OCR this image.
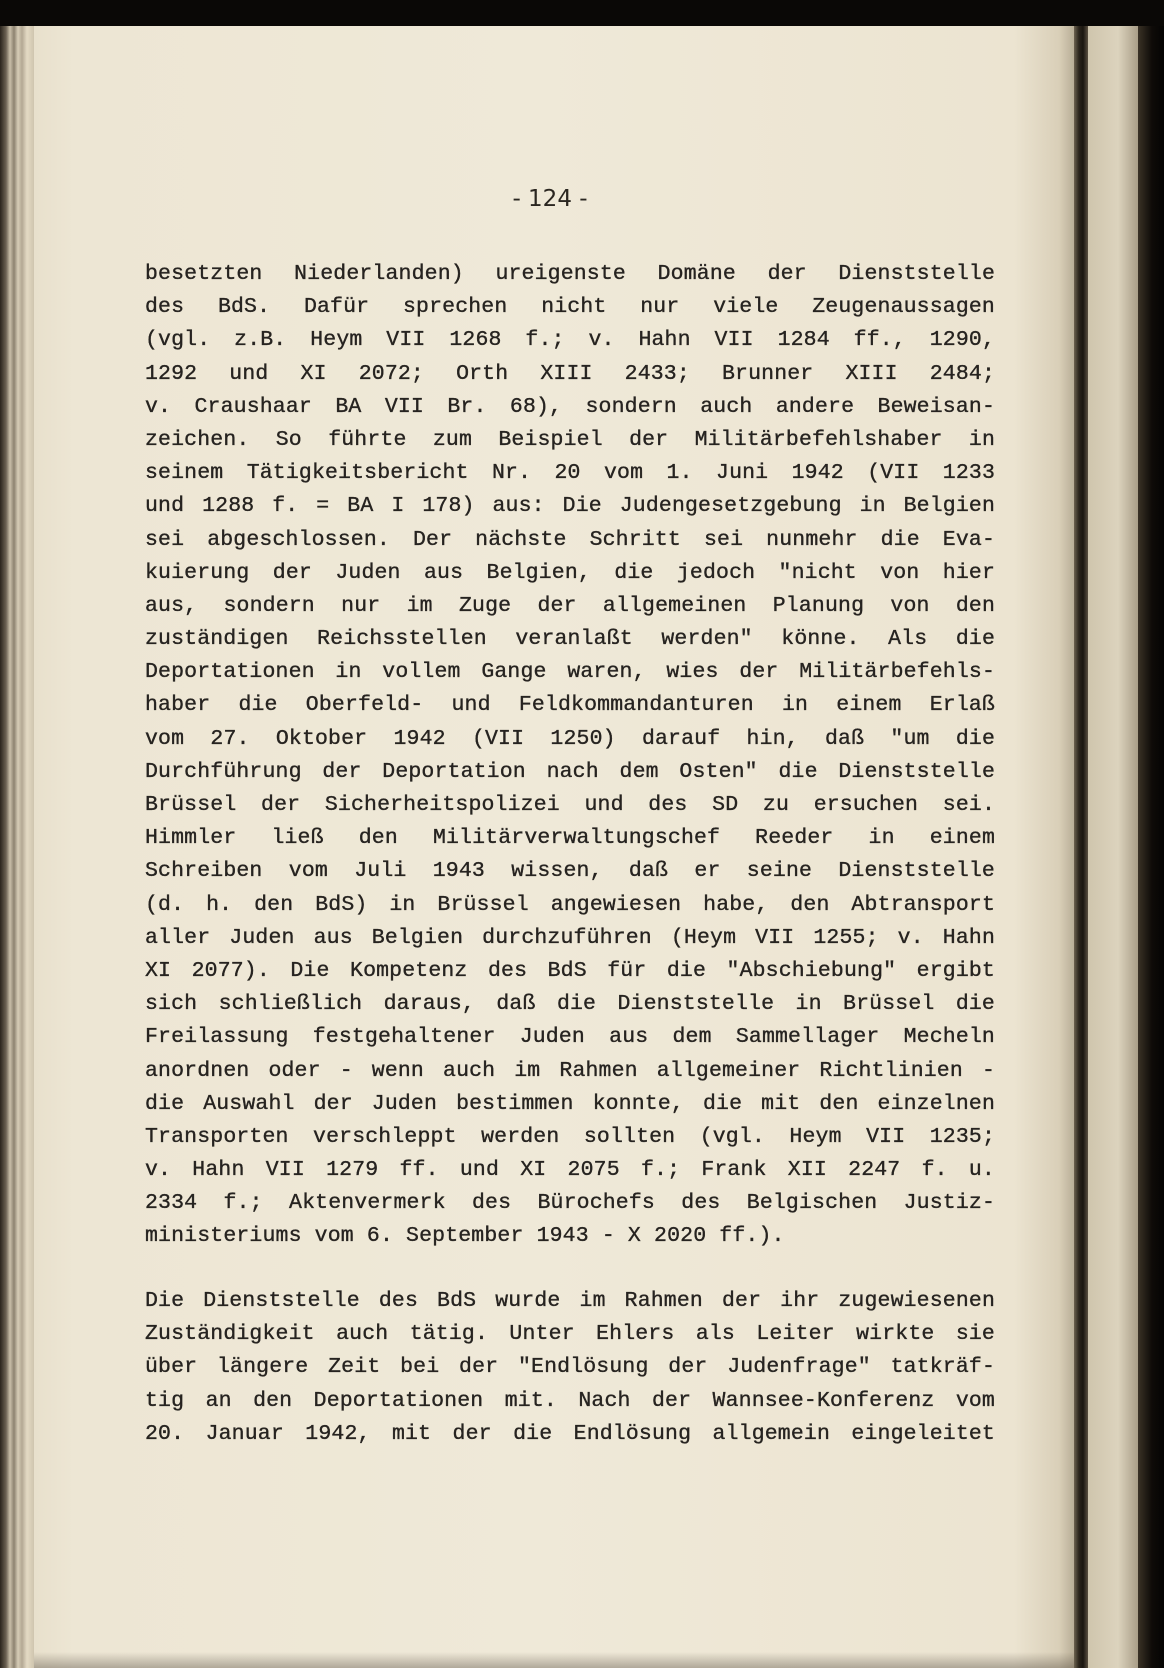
- 124 -
besetzten Niederlanden) ureigenste Domäne der Dienststelle
des BdS. Dafür sprechen nicht nur viele Zeugenaussagen
(vgl. z.B. Heym VII 1268 f.; v. Hahn VII 1284 ff., 1290,
1292 und XI 2072; Orth XIII 2433; Brunner XIII 2484;
v. Craushaar BA VII Br. 68), sondern auch andere Beweisan-
zeichen. So führte zum Beispiel der Militärbefehlshaber in
seinem Tätigkeitsbericht Nr. 20 vom 1. Juni 1942 (VII 1233
und 1288 f. = BA I 178) aus: Die Judengesetzgebung in Belgien
sei abgeschlossen. Der nächste Schritt sei nunmehr die Eva-
kuierung der Juden aus Belgien, die jedoch "nicht von hier
aus, sondern nur im Zuge der allgemeinen Planung von den
zuständigen Reichsstellen veranlaßt werden" könne. Als die
Deportationen in vollem Gange waren, wies der Militärbefehls-
haber die Oberfeld- und Feldkommandanturen in einem Erlaß
vom 27. Oktober 1942 (VII 1250) darauf hin, daß "um die
Durchführung der Deportation nach dem Osten" die Dienststelle
Brüssel der Sicherheitspolizei und des SD zu ersuchen sei.
Himmler ließ den Militärverwaltungschef Reeder in einem
Schreiben vom Juli 1943 wissen, daß er seine Dienststelle
(d. h. den BdS) in Brüssel angewiesen habe, den Abtransport
aller Juden aus Belgien durchzuführen (Heym VII 1255; v. Hahn
XI 2077). Die Kompetenz des BdS für die "Abschiebung" ergibt
sich schließlich daraus, daß die Dienststelle in Brüssel die
Freilassung festgehaltener Juden aus dem Sammellager Mecheln
anordnen oder - wenn auch im Rahmen allgemeiner Richtlinien -
die Auswahl der Juden bestimmen konnte, die mit den einzelnen
Transporten verschleppt werden sollten (vgl. Heym VII 1235;
v. Hahn VII 1279 ff. und XI 2075 f.; Frank XII 2247 f. u.
2334 f.; Aktenvermerk des Bürochefs des Belgischen Justiz-
ministeriums vom 6. September 1943 - X 2020 ff.).
Die Dienststelle des BdS wurde im Rahmen der ihr zugewiesenen
Zuständigkeit auch tätig. Unter Ehlers als Leiter wirkte sie
über längere Zeit bei der "Endlösung der Judenfrage" tatkräf-
tig an den Deportationen mit. Nach der Wannsee-Konferenz vom
20. Januar 1942, mit der die Endlösung allgemein eingeleitet
